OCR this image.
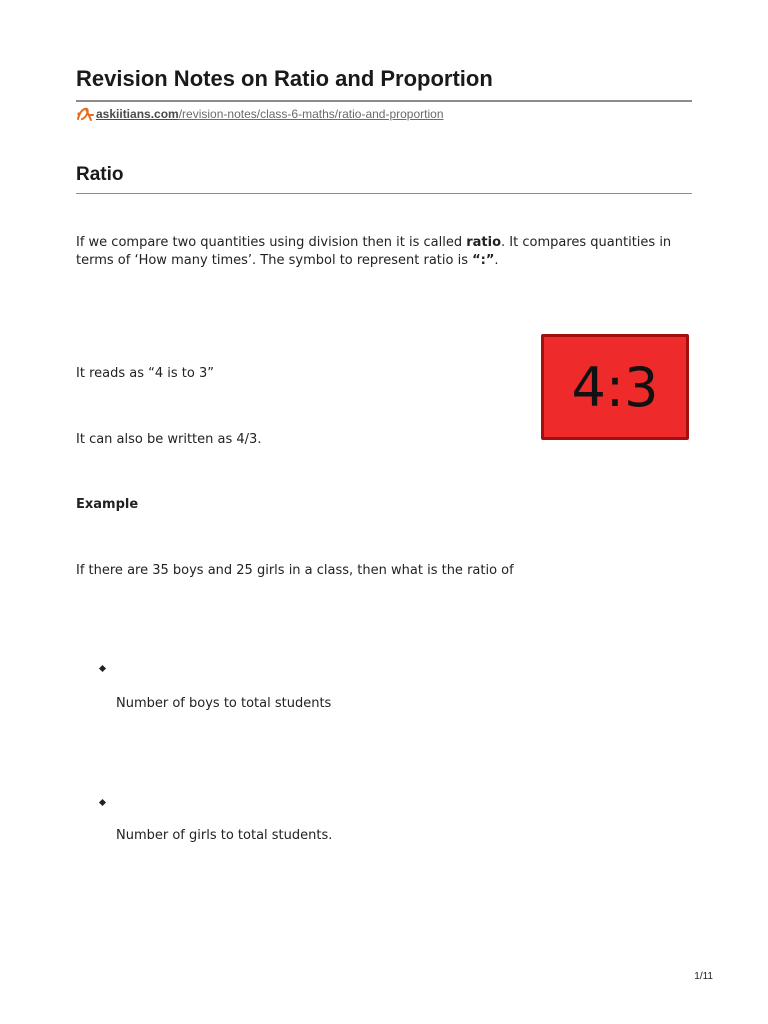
Revision Notes on Ratio and Proportion
askiitians.com /revision-notes/class-6-maths/ratio-and-proportion
Ratio

If we compare two quantities using division then it is called ratio. It compares quantities in terms of ‘How many times’. The symbol to represent ratio is “:”.

4:3

It reads as “4 is to 3”

It can also be written as 4/3.

Example

If there are 35 boys and 25 girls in a class, then what is the ratio of

Number of boys to total students
Number of girls to total students.
1/11
